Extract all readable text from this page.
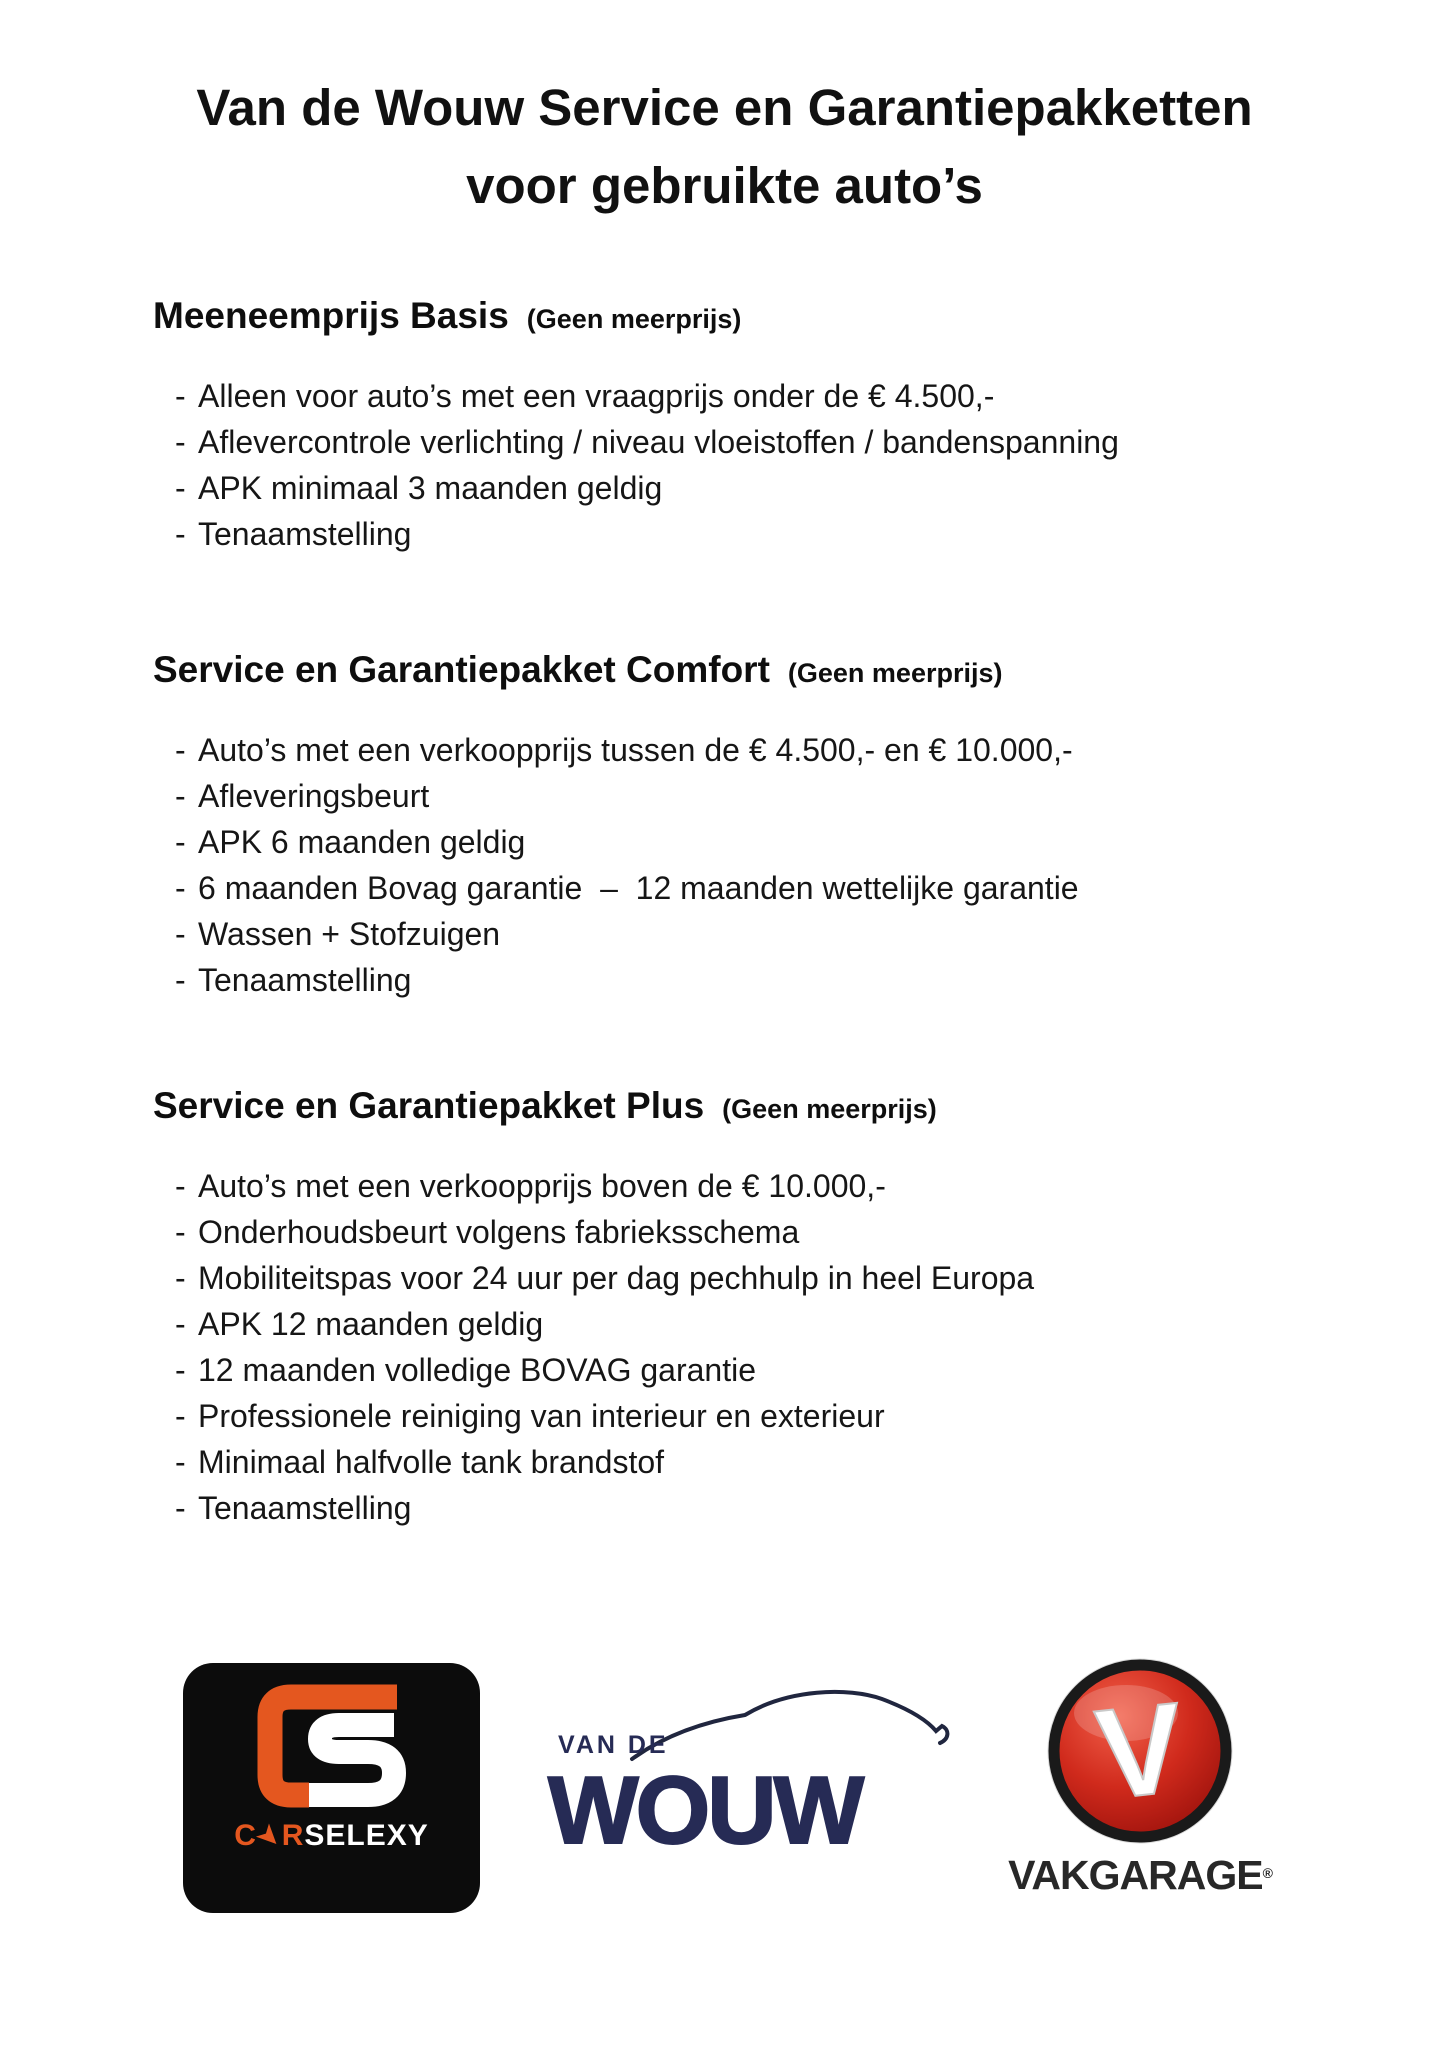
Van de Wouw Service en Garantiepakketten
voor gebruikte auto’s
Meeneemprijs Basis (Geen meerprijs)
- Alleen voor auto’s met een vraagprijs onder de € 4.500,-
- Aflevercontrole verlichting / niveau vloeistoffen / bandenspanning
- APK minimaal 3 maanden geldig
- Tenaamstelling
Service en Garantiepakket Comfort (Geen meerprijs)
- Auto’s met een verkoopprijs tussen de € 4.500,- en € 10.000,-
- Afleveringsbeurt
- APK 6 maanden geldig
- 6 maanden Bovag garantie  –  12 maanden wettelijke garantie
- Wassen + Stofzuigen
- Tenaamstelling
Service en Garantiepakket Plus (Geen meerprijs)
- Auto’s met een verkoopprijs boven de € 10.000,-
- Onderhoudsbeurt volgens fabrieksschema
- Mobiliteitspas voor 24 uur per dag pechhulp in heel Europa
- APK 12 maanden geldig
- 12 maanden volledige BOVAG garantie
- Professionele reiniging van interieur en exterieur
- Minimaal halfvolle tank brandstof
- Tenaamstelling
C
➤
R SELEXY
VAN DE
WOUW V
VAKGARAGE®
